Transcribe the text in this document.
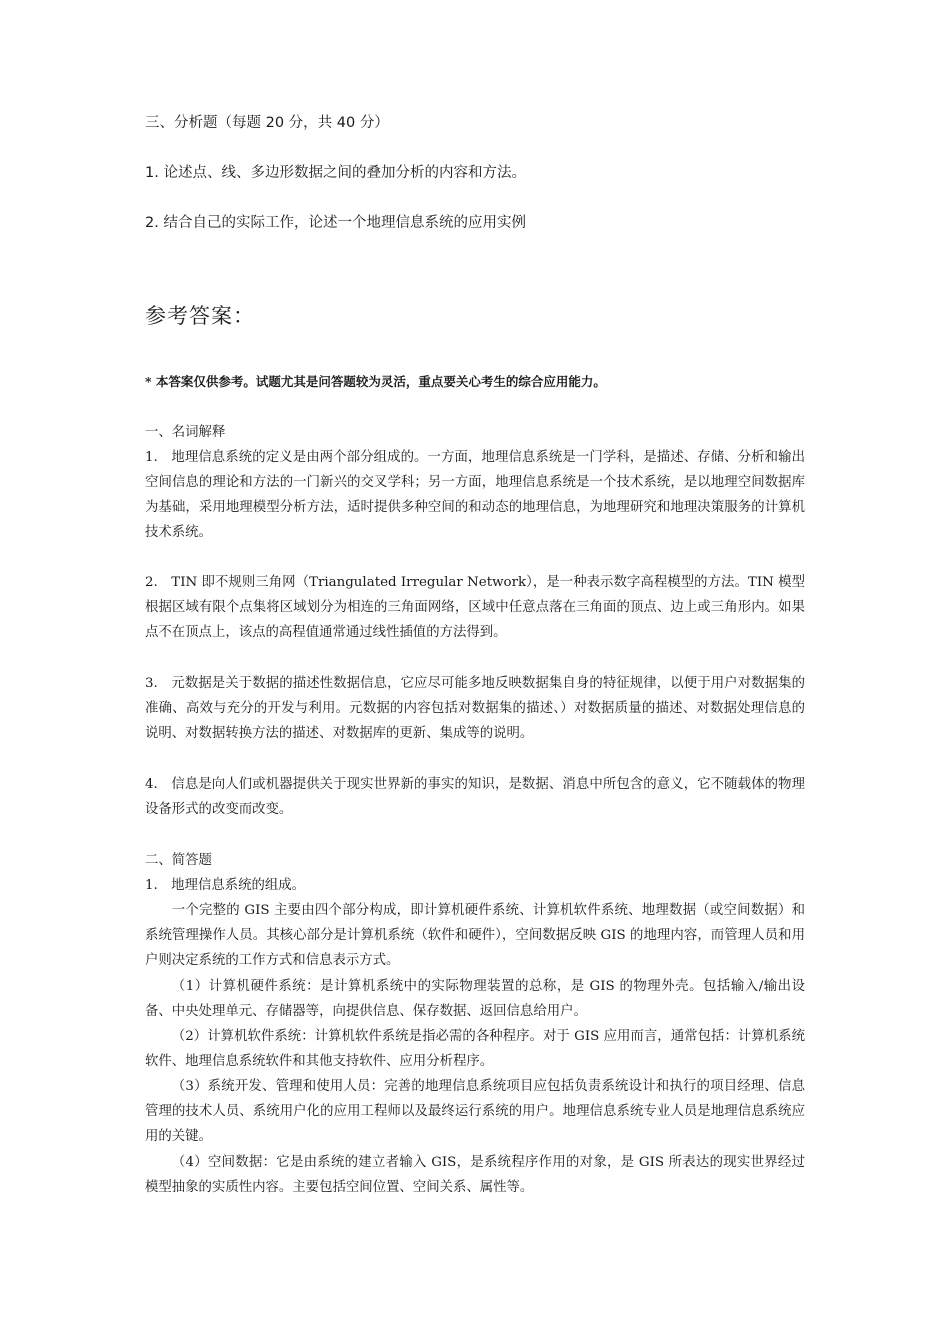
三、分析题（每题 20 分，共 40 分）

1. 论述点、线、多边形数据之间的叠加分析的内容和方法。

2. 结合自己的实际工作，论述一个地理信息系统的应用实例

参考答案：

* 本答案仅供参考。试题尤其是问答题较为灵活，重点要关心考生的综合应用能力。

一、名词解释

1.　地理信息系统的定义是由两个部分组成的。一方面，地理信息系统是一门学科，是描述、存储、分析和输出空间信息的理论和方法的一门新兴的交叉学科；另一方面，地理信息系统是一个技术系统，是以地理空间数据库为基础，采用地理模型分析方法，适时提供多种空间的和动态的地理信息，为地理研究和地理决策服务的计算机技术系统。

2.　TIN 即不规则三角网（Triangulated Irregular Network），是一种表示数字高程模型的方法。TIN 模型根据区域有限个点集将区域划分为相连的三角面网络，区域中任意点落在三角面的顶点、边上或三角形内。如果点不在顶点上，该点的高程值通常通过线性插值的方法得到。

3.　元数据是关于数据的描述性数据信息，它应尽可能多地反映数据集自身的特征规律，以便于用户对数据集的准确、高效与充分的开发与利用。元数据的内容包括对数据集的描述、）对数据质量的描述、对数据处理信息的说明、对数据转换方法的描述、对数据库的更新、集成等的说明。

4.　信息是向人们或机器提供关于现实世界新的事实的知识，是数据、消息中所包含的意义，它不随载体的物理设备形式的改变而改变。

二、简答题

1.　地理信息系统的组成。

一个完整的 GIS 主要由四个部分构成，即计算机硬件系统、计算机软件系统、地理数据（或空间数据）和系统管理操作人员。其核心部分是计算机系统（软件和硬件），空间数据反映 GIS 的地理内容，而管理人员和用户则决定系统的工作方式和信息表示方式。

（1）计算机硬件系统：是计算机系统中的实际物理装置的总称，是 GIS 的物理外壳。包括输入/输出设备、中央处理单元、存储器等，向提供信息、保存数据、返回信息给用户。

（2）计算机软件系统：计算机软件系统是指必需的各种程序。对于 GIS 应用而言，通常包括：计算机系统软件、地理信息系统软件和其他支持软件、应用分析程序。

（3）系统开发、管理和使用人员：完善的地理信息系统项目应包括负责系统设计和执行的项目经理、信息管理的技术人员、系统用户化的应用工程师以及最终运行系统的用户。地理信息系统专业人员是地理信息系统应用的关键。

（4）空间数据：它是由系统的建立者输入 GIS，是系统程序作用的对象，是 GIS 所表达的现实世界经过模型抽象的实质性内容。主要包括空间位置、空间关系、属性等。
